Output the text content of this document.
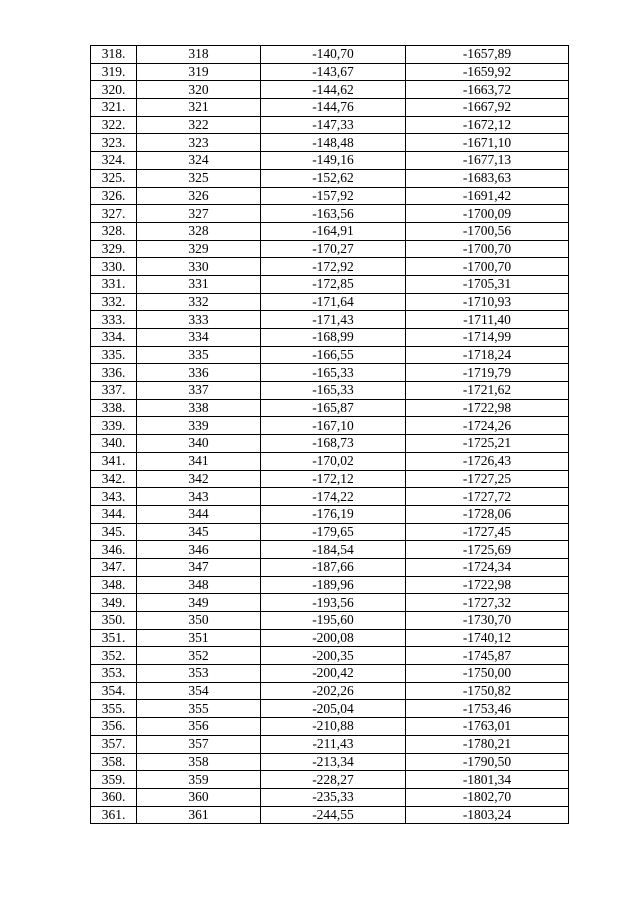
318.	318	-140,70	-1657,89
319.	319	-143,67	-1659,92
320.	320	-144,62	-1663,72
321.	321	-144,76	-1667,92
322.	322	-147,33	-1672,12
323.	323	-148,48	-1671,10
324.	324	-149,16	-1677,13
325.	325	-152,62	-1683,63
326.	326	-157,92	-1691,42
327.	327	-163,56	-1700,09
328.	328	-164,91	-1700,56
329.	329	-170,27	-1700,70
330.	330	-172,92	-1700,70
331.	331	-172,85	-1705,31
332.	332	-171,64	-1710,93
333.	333	-171,43	-1711,40
334.	334	-168,99	-1714,99
335.	335	-166,55	-1718,24
336.	336	-165,33	-1719,79
337.	337	-165,33	-1721,62
338.	338	-165,87	-1722,98
339.	339	-167,10	-1724,26
340.	340	-168,73	-1725,21
341.	341	-170,02	-1726,43
342.	342	-172,12	-1727,25
343.	343	-174,22	-1727,72
344.	344	-176,19	-1728,06
345.	345	-179,65	-1727,45
346.	346	-184,54	-1725,69
347.	347	-187,66	-1724,34
348.	348	-189,96	-1722,98
349.	349	-193,56	-1727,32
350.	350	-195,60	-1730,70
351.	351	-200,08	-1740,12
352.	352	-200,35	-1745,87
353.	353	-200,42	-1750,00
354.	354	-202,26	-1750,82
355.	355	-205,04	-1753,46
356.	356	-210,88	-1763,01
357.	357	-211,43	-1780,21
358.	358	-213,34	-1790,50
359.	359	-228,27	-1801,34
360.	360	-235,33	-1802,70
361.	361	-244,55	-1803,24
